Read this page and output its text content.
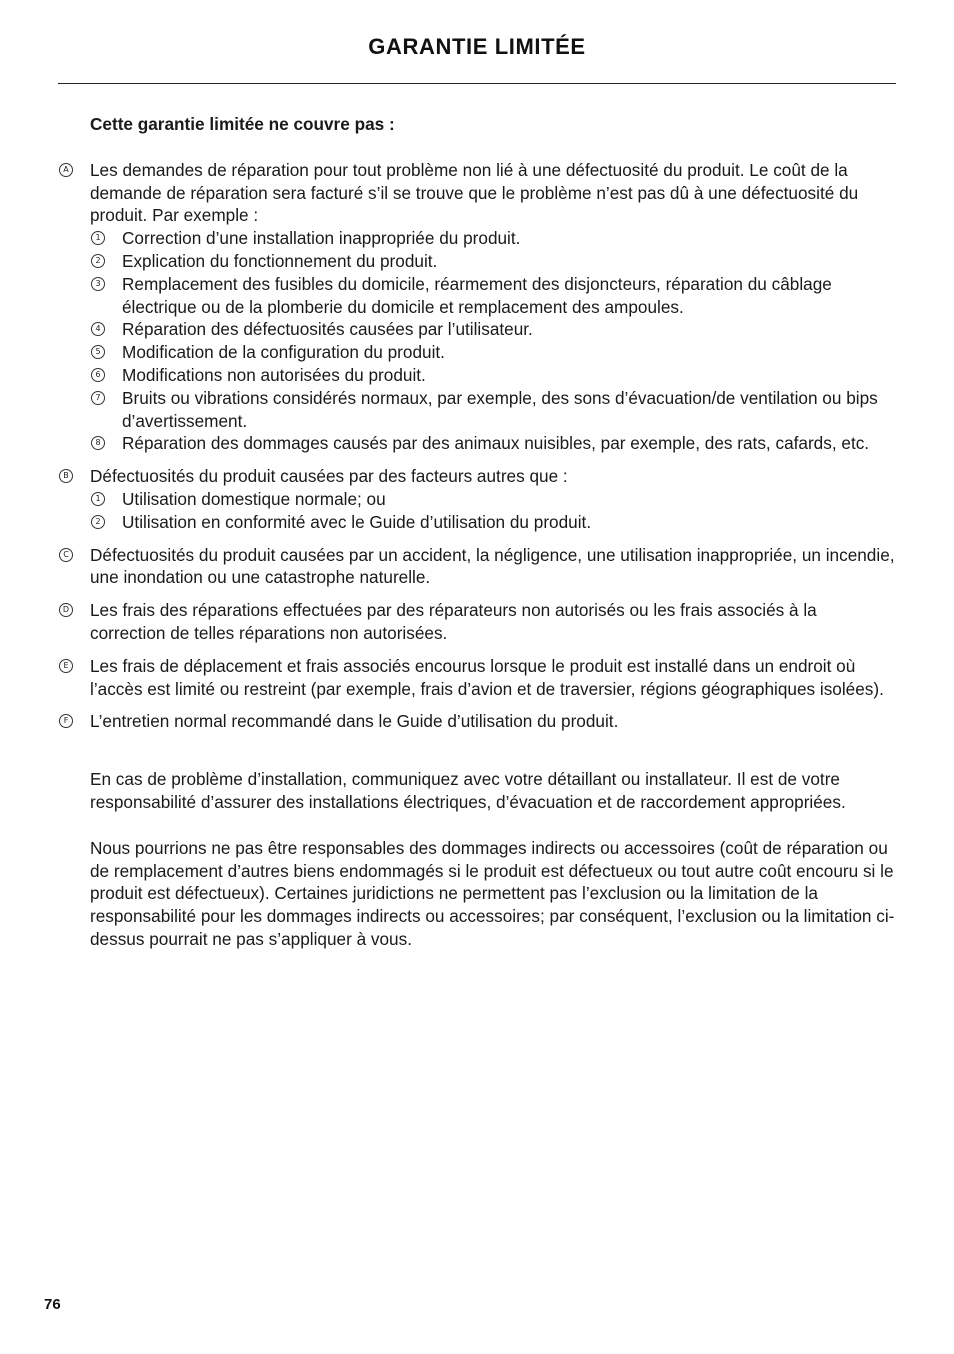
GARANTIE LIMITÉE

Cette garantie limitée ne couvre pas :

A Les demandes de réparation pour tout problème non lié à une défectuosité du produit. Le coût de la demande de réparation sera facturé s’il se trouve que le problème n’est pas dû à une défectuosité du produit. Par exemple :
1 Correction d’une installation inappropriée du produit.
2 Explication du fonctionnement du produit.
3 Remplacement des fusibles du domicile, réarmement des disjoncteurs, réparation du câblage électrique ou de la plomberie du domicile et remplacement des ampoules.
4 Réparation des défectuosités causées par l’utilisateur.
5 Modification de la configuration du produit.
6 Modifications non autorisées du produit.
7 Bruits ou vibrations considérés normaux, par exemple, des sons d’évacuation/de ventilation ou bips d’avertissement.
8 Réparation des dommages causés par des animaux nuisibles, par exemple, des rats, cafards, etc.
B Défectuosités du produit causées par des facteurs autres que :
1 Utilisation domestique normale; ou
2 Utilisation en conformité avec le Guide d’utilisation du produit.
C Défectuosités du produit causées par un accident, la négligence, une utilisation inappropriée, un incendie, une inondation ou une catastrophe naturelle.
D Les frais des réparations effectuées par des réparateurs non autorisés ou les frais associés à la correction de telles réparations non autorisées.
E Les frais de déplacement et frais associés encourus lorsque le produit est installé dans un endroit où l’accès est limité ou restreint (par exemple, frais d’avion et de traversier, régions géographiques isolées).
F L’entretien normal recommandé dans le Guide d’utilisation du produit.

En cas de problème d’installation, communiquez avec votre détaillant ou installateur. Il est de votre responsabilité d’assurer des installations électriques, d’évacuation et de raccordement appropriées.

Nous pourrions ne pas être responsables des dommages indirects ou accessoires (coût de réparation ou de remplacement d’autres biens endommagés si le produit est défectueux ou tout autre coût encouru si le produit est défectueux). Certaines juridictions ne permettent pas l’exclusion ou la limitation de la responsabilité pour les dommages indirects ou accessoires; par conséquent, l’exclusion ou la limitation ci-dessus pourrait ne pas s’appliquer à vous.

76
